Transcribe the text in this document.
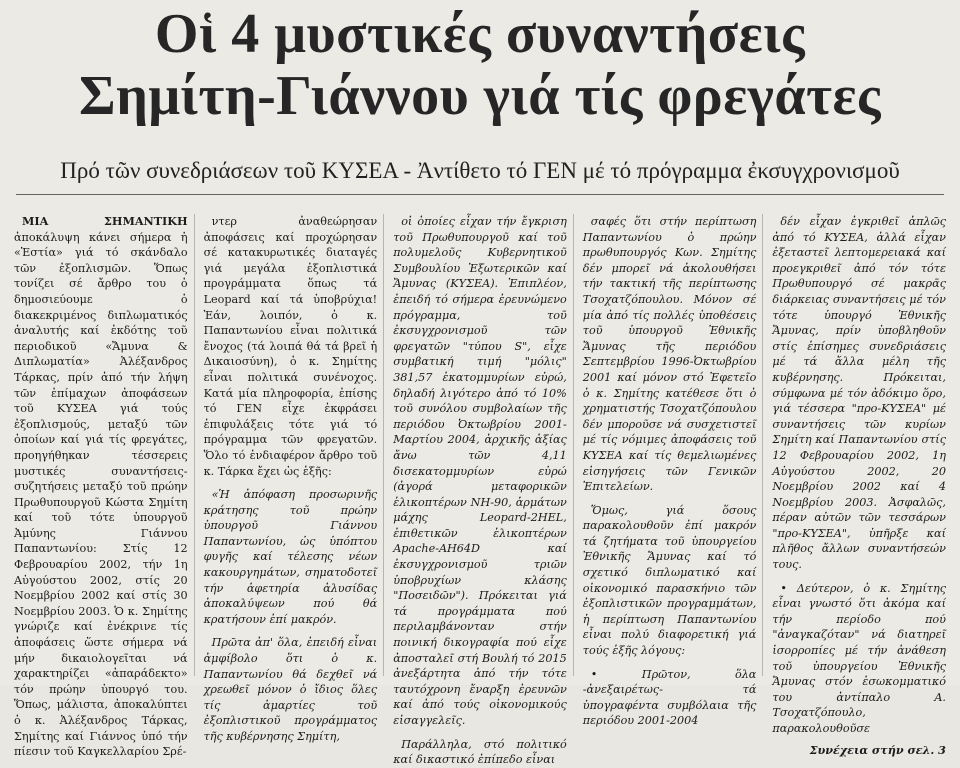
Οἱ 4 μυστικές συναντήσεις
Σημίτη-Γιάννου γιά τίς φρεγάτες
Πρό τῶν συνεδριάσεων τοῦ ΚΥΣΕΑ - Ἀντίθετο τό ΓΕΝ μέ τό πρόγραμμα ἐκσυγχρονισμοῦ

ΜΙΑ ΣΗΜΑΝΤΙΚΗ ἀποκάλυψη κάνει σήμερα ἡ «Ἑστία» γιά τό σκάνδαλο τῶν ἐξοπλισμῶν. Ὅπως τονίζει σέ ἄρθρο του ὁ δημοσιεύουμε ὁ διακεκριμένος διπλωματικός ἀναλυτής καί ἐκδότης τοῦ περιοδικοῦ «Ἄμυνα & Διπλωματία» Ἀλέξανδρος Τάρκας, πρίν ἀπό τήν λήψη τῶν ἐπίμαχων ἀποφάσεων τοῦ ΚΥΣΕΑ γιά τούς ἐξοπλισμούς, μεταξύ τῶν ὁποίων καί γιά τίς φρεγάτες, προηγήθηκαν τέσσερεις μυστικές συναντήσεις-συζητήσεις μεταξύ τοῦ πρώην Πρωθυπουργοῦ Κώστα Σημίτη καί τοῦ τότε ὑπουργοῦ Ἀμύνης Γιάννου Παπαντωνίου: Στίς 12 Φεβρουαρίου 2002, τήν 1η Αὐγούστου 2002, στίς 20 Νοεμβρίου 2002 καί στίς 30 Νοεμβρίου 2003. Ὁ κ. Σημίτης γνώριζε καί ἐνέκρινε τίς ἀποφάσεις ὥστε σήμερα νά μήν δικαιολογεῖται νά χαρακτηρίζει «ἀπαράδεκτο» τόν πρώην ὑπουργό του. Ὅπως, μάλιστα, ἀποκαλύπτει ὁ κ. Ἀλέξανδρος Τάρκας, Σημίτης καί Γιάννος ὑπό τήν πίεσιν τοῦ Καγκελλαρίου Σρέ-

ντερ ἀναθεώρησαν ἀποφάσεις καί προχώρησαν σέ κατακυρωτικές διαταγές γιά μεγάλα ἐξοπλιστικά προγράμματα ὅπως τά Leopard καί τά ὑποβρύχια! Ἐάν, λοιπόν, ὁ κ. Παπαντωνίου εἶναι πολιτικά ἔνοχος (τά λοιπά θά τά βρεῖ ἡ Δικαιοσύνη), ὁ κ. Σημίτης εἶναι πολιτικά συνένοχος. Κατά μία πληροφορία, ἐπίσης τό ΓΕΝ εἶχε ἐκφράσει ἐπιφυλάξεις τότε γιά τό πρόγραμμα τῶν φρεγατῶν. Ὅλο τό ἐνδιαφέρον ἄρθρο τοῦ κ. Τάρκα ἔχει ὡς ἑξῆς:

«Ἡ ἀπόφαση προσωρινῆς κράτησης τοῦ πρώην ὑπουργοῦ Γιάννου Παπαντωνίου, ὡς ὑπόπτου φυγῆς καί τέλεσης νέων κακουργημάτων, σηματοδοτεῖ τήν ἀφετηρία ἁλυσίδας ἀποκαλύψεων πού θά κρατήσουν ἐπί μακρόν.

Πρῶτα ἀπ' ὅλα, ἐπειδή εἶναι ἀμφίβολο ὅτι ὁ κ. Παπαντωνίου θά δεχθεῖ νά χρεωθεῖ μόνον ὁ ἴδιος ὅλες τίς ἁμαρτίες τοῦ ἐξοπλιστικοῦ προγράμματος τῆς κυβέρνησης Σημίτη,

οἱ ὁποίες εἶχαν τήν ἔγκριση τοῦ Πρωθυπουργοῦ καί τοῦ πολυμελοῦς Κυβερνητικοῦ Συμβουλίου Ἐξωτερικῶν καί Ἄμυνας (ΚΥΣΕΑ). Ἐπιπλέον, ἐπειδή τό σήμερα ἐρευνώμενο πρόγραμμα, τοῦ ἐκσυγχρονισμοῦ τῶν φρεγατῶν "τύπου S", εἶχε συμβατική τιμή "μόλις" 381,57 ἑκατομμυρίων εὐρώ, δηλαδή λιγότερο ἀπό τό 10% τοῦ συνόλου συμβολαίων τῆς περιόδου Ὀκτωβρίου 2001-Μαρτίου 2004, ἀρχικῆς ἀξίας ἄνω τῶν 4,11 δισεκατομμυρίων εὐρώ (ἀγορά μεταφορικῶν ἑλικοπτέρων NH-90, ἁρμάτων μάχης Leopard-2HEL, ἐπιθετικῶν ἑλικοπτέρων Apache-AH64D καί ἐκσυγχρονισμοῦ τριῶν ὑποβρυχίων κλάσης "Ποσειδῶν"). Πρόκειται γιά τά προγράμματα πού περιλαμβάνονταν στήν ποινική δικογραφία πού εἶχε ἀποσταλεῖ στή Βουλή τό 2015 ἀνεξάρτητα ἀπό τήν τότε ταυτόχρονη ἔναρξη ἐρευνῶν καί ἀπό τούς οἰκονομικούς εἰσαγγελεῖς.

Παράλληλα, στό πολιτικό καί δικαστικό ἐπίπεδο εἶναι

σαφές ὅτι στήν περίπτωση Παπαντωνίου ὁ πρώην πρωθυπουργός Κων. Σημίτης δέν μπορεῖ νά ἀκολουθήσει τήν τακτική τῆς περίπτωσης Τσοχατζόπουλου. Μόνον σέ μία ἀπό τίς πολλές ὑποθέσεις τοῦ ὑπουργοῦ Ἐθνικῆς Ἄμυνας τῆς περιόδου Σεπτεμβρίου 1996-Ὀκτωβρίου 2001 καί μόνον στό Ἐφετεῖο ὁ κ. Σημίτης κατέθεσε ὅτι ὁ χρηματιστής Τσοχατζόπουλου δέν μποροῦσε νά συσχετιστεῖ μέ τίς νόμιμες ἀποφάσεις τοῦ ΚΥΣΕΑ καί τίς θεμελιωμένες εἰσηγήσεις τῶν Γενικῶν Ἐπιτελείων.

Ὅμως, γιά ὅσους παρακολουθοῦν ἐπί μακρόν τά ζητήματα τοῦ ὑπουργείου Ἐθνικῆς Ἄμυνας καί τό σχετικό διπλωματικό καί οἰκονομικό παρασκήνιο τῶν ἐξοπλιστικῶν προγραμμάτων, ἡ περίπτωση Παπαντωνίου εἶναι πολύ διαφορετική γιά τούς ἑξῆς λόγους:

• Πρῶτον, ὅλα -ἀνεξαιρέτως- τά ὑπογραφέντα συμβόλαια τῆς περιόδου 2001-2004

δέν εἶχαν ἐγκριθεῖ ἁπλῶς ἀπό τό ΚΥΣΕΑ, ἀλλά εἶχαν ἐξεταστεῖ λεπτομερειακά καί προεγκριθεῖ ἀπό τόν τότε Πρωθυπουργό σέ μακρᾶς διάρκειας συναντήσεις μέ τόν τότε ὑπουργό Ἐθνικῆς Ἄμυνας, πρίν ὑποβληθοῦν στίς ἐπίσημες συνεδριάσεις μέ τά ἄλλα μέλη τῆς κυβέρνησης. Πρόκειται, σύμφωνα μέ τόν ἀδόκιμο ὅρο, γιά τέσσερα "προ-ΚΥΣΕΑ" μέ συναντήσεις τῶν κυρίων Σημίτη καί Παπαντωνίου στίς 12 Φεβρουαρίου 2002, 1η Αὐγούστου 2002, 20 Νοεμβρίου 2002 καί 4 Νοεμβρίου 2003. Ἀσφαλῶς, πέραν αὐτῶν τῶν τεσσάρων "προ-ΚΥΣΕΑ", ὑπῆρξε καί πλῆθος ἄλλων συναντήσεών τους.

• Δεύτερον, ὁ κ. Σημίτης εἶναι γνωστό ὅτι ἀκόμα καί τήν περίοδο πού "ἀναγκαζόταν" νά διατηρεῖ ἰσορροπίες μέ τήν ἀνάθεση τοῦ ὑπουργείου Ἐθνικῆς Ἄμυνας στόν ἐσωκομματικό του ἀντίπαλο Α. Τσοχατζόπουλο, παρακολουθοῦσε

Συνέχεια στήν σελ. 3
